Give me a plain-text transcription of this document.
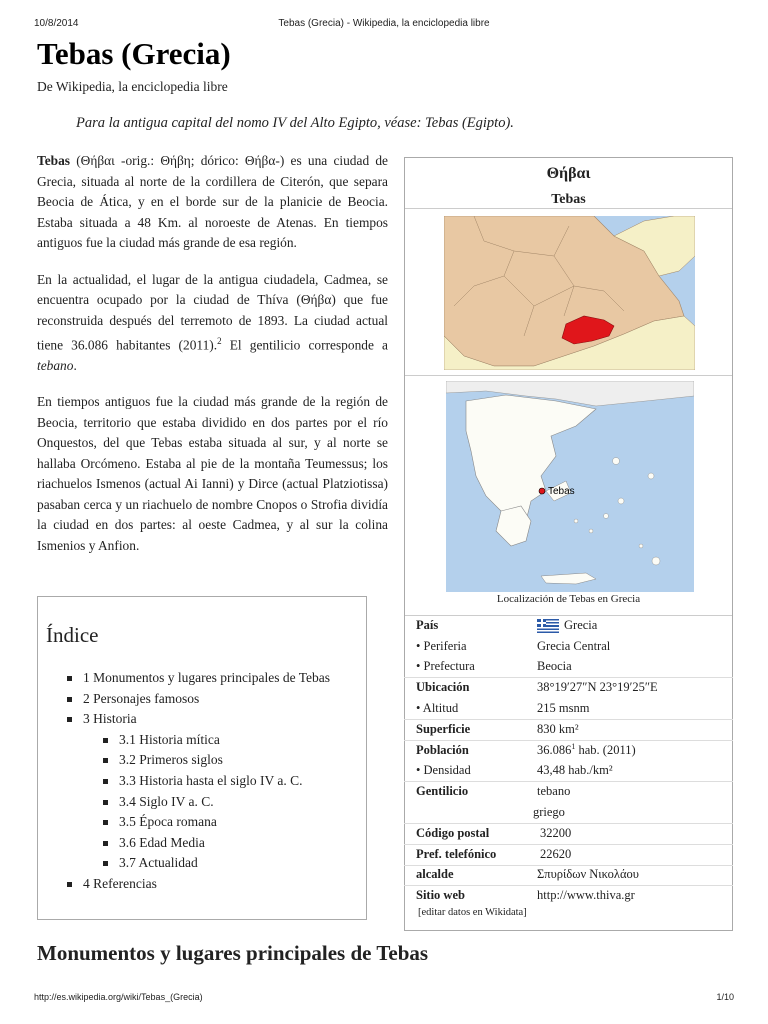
10/8/2014	Tebas (Grecia) - Wikipedia, la enciclopedia libre
Tebas (Grecia)
De Wikipedia, la enciclopedia libre
Para la antigua capital del nomo IV del Alto Egipto, véase: Tebas (Egipto).

Tebas (Θήβαι -orig.: Θήβη; dórico: Θήβα-) es una ciudad de Grecia, situada al norte de la cordillera de Citerón, que separa Beocia de Ática, y en el borde sur de la planicie de Beocia. Estaba situada a 48 Km. al noroeste de Atenas. En tiempos antiguos fue la ciudad más grande de esa región.

En la actualidad, el lugar de la antigua ciudadela, Cadmea, se encuentra ocupado por la ciudad de Thíva (Θήβα) que fue reconstruida después del terremoto de 1893. La ciudad actual tiene 36.086 habitantes (2011).$^2$ El gentilicio corresponde a tebano.

En tiempos antiguos fue la ciudad más grande de la región de Beocia, territorio que estaba dividido en dos partes por el río Onquestos, del que Tebas estaba situada al sur, y al norte se hallaba Orcómeno. Estaba al pie de la montaña Teumessus; los riachuelos Ismenos (actual Ai Ianni) y Dirce (actual Platziotissa) pasaban cerca y un riachuelo de nombre Cnopos o Strofia dividía la ciudad en dos partes: al oeste Cadmea, y al sur la colina Ismenios y Anfion.

Índice
1 Monumentos y lugares principales de Tebas
2 Personajes famosos
3 Historia
3.1 Historia mítica
3.2 Primeros siglos
3.3 Historia hasta el siglo IV a. C.
3.4 Siglo IV a. C.
3.5 Época romana
3.6 Edad Media
3.7 Actualidad
4 Referencias
Θήβαι
Tebas
Tebas
Localización de Tebas en Grecia
País	Grecia
• Periferia	Grecia Central
• Prefectura	Beocia
Ubicación	38°19′27″N 23°19′25″E
• Altitud	215 msnm
Superficie	830 km²
Población	36.086$^1$ hab. (2011)
• Densidad	43,48 hab./km²
Gentilicio	tebano
griego
Código postal	32200
Pref. telefónico	22620
alcalde	Σπυρίδων Νικολάου
Sitio web	http://www.thiva.gr
[editar datos en Wikidata]
Monumentos y lugares principales de Tebas
http://es.wikipedia.org/wiki/Tebas_(Grecia)	1/10
